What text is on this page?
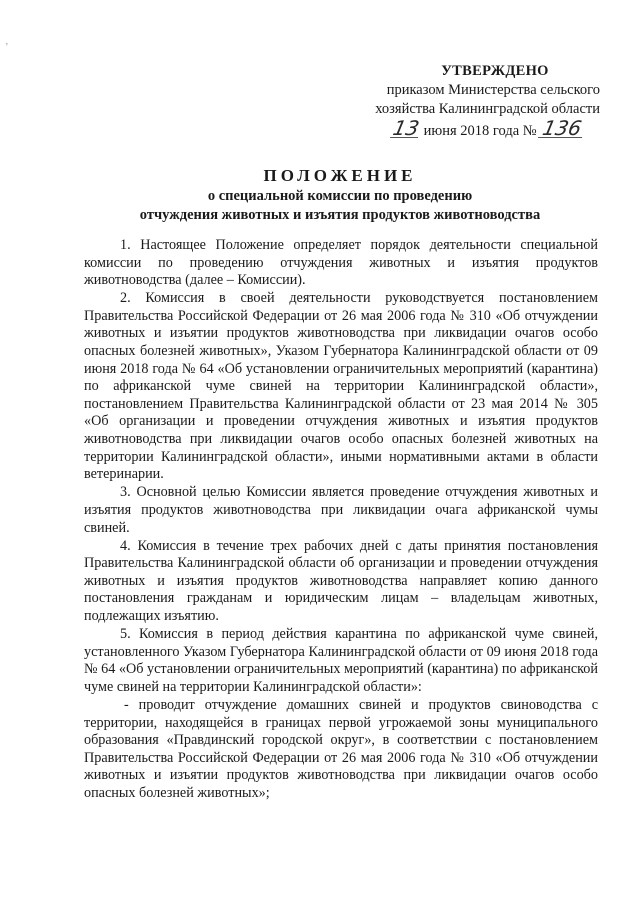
'
УТВЕРЖДЕНО
приказом Министерства сельского
хозяйства Калининградской области
13 июня 2018 года № 136
ПОЛОЖЕНИЕ
о специальной комиссии по проведению
отчуждения животных и изъятия продуктов животноводства

1. Настоящее Положение определяет порядок деятельности специальной комиссии по проведению отчуждения животных и изъятия продуктов животноводства (далее – Комиссии).

2. Комиссия в своей деятельности руководствуется постановлением Правительства Российской Федерации от 26 мая 2006 года № 310 «Об отчуждении животных и изъятии продуктов животноводства при ликвидации очагов особо опасных болезней животных», Указом Губернатора Калининградской области от 09 июня 2018 года № 64 «Об установлении ограничительных мероприятий (карантина) по африканской чуме свиней на территории Калининградской области», постановлением Правительства Калининградской области от 23 мая 2014 № 305 «Об организации и проведении отчуждения животных и изъятия продуктов животноводства при ликвидации очагов особо опасных болезней животных на территории Калининградской области», иными нормативными актами в области ветеринарии.

3. Основной целью Комиссии является проведение отчуждения животных и изъятия продуктов животноводства при ликвидации очага африканской чумы свиней.

4. Комиссия в течение трех рабочих дней с даты принятия постановления Правительства Калининградской области об организации и проведении отчуждения животных и изъятия продуктов животноводства направляет копию данного постановления гражданам и юридическим лицам – владельцам животных, подлежащих изъятию.

5. Комиссия в период действия карантина по африканской чуме свиней, установленного Указом Губернатора Калининградской области от 09 июня 2018 года № 64 «Об установлении ограничительных мероприятий (карантина) по африканской чуме свиней на территории Калининградской области»:

- проводит отчуждение домашних свиней и продуктов свиноводства с территории, находящейся в границах первой угрожаемой зоны муниципального образования «Правдинский городской округ», в соответствии с постановлением Правительства Российской Федерации от 26 мая 2006 года № 310 «Об отчуждении животных и изъятии продуктов животноводства при ликвидации очагов особо опасных болезней животных»;
